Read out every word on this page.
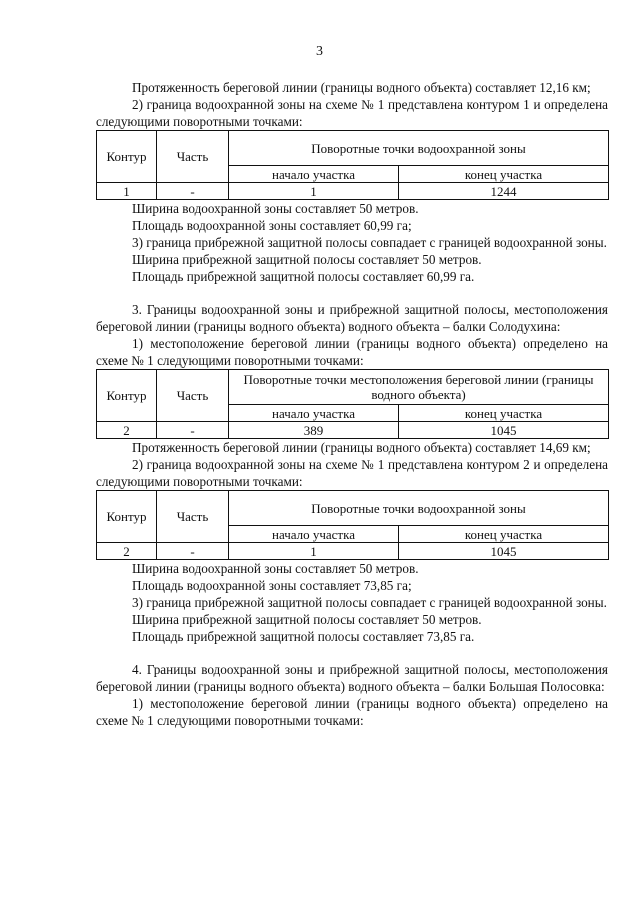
3

Протяженность береговой линии (границы водного объекта) составляет 12,16 км;

2) граница водоохранной зоны на схеме № 1 представлена контуром 1 и определена следующими поворотными точками:

Контур	Часть	Поворотные точки водоохранной зоны	
		начало участка	конец участка
1	-	1	1244

Ширина водоохранной зоны составляет 50 метров.

Площадь водоохранной зоны составляет 60,99 га;

3) граница прибрежной защитной полосы совпадает с границей водоохранной зоны.

Ширина прибрежной защитной полосы составляет 50 метров.

Площадь прибрежной защитной полосы составляет 60,99 га.

3. Границы водоохранной зоны и прибрежной защитной полосы, местоположения береговой линии (границы водного объекта) водного объекта – балки Солодухина:

1) местоположение береговой линии (границы водного объекта) определено на схеме № 1 следующими поворотными точками:

Контур	Часть	Поворотные точки местоположения береговой линии (границы водного объекта)	
		начало участка	конец участка
2	-	389	1045

Протяженность береговой линии (границы водного объекта) составляет 14,69 км;

2) граница водоохранной зоны на схеме № 1 представлена контуром 2 и определена следующими поворотными точками:

Контур	Часть	Поворотные точки водоохранной зоны	
		начало участка	конец участка
2	-	1	1045

Ширина водоохранной зоны составляет 50 метров.

Площадь водоохранной зоны составляет 73,85 га;

3) граница прибрежной защитной полосы совпадает с границей водоохранной зоны.

Ширина прибрежной защитной полосы составляет 50 метров.

Площадь прибрежной защитной полосы составляет 73,85 га.

4. Границы водоохранной зоны и прибрежной защитной полосы, местоположения береговой линии (границы водного объекта) водного объекта – балки Большая Полосовка:

1) местоположение береговой линии (границы водного объекта) определено на схеме № 1 следующими поворотными точками:
